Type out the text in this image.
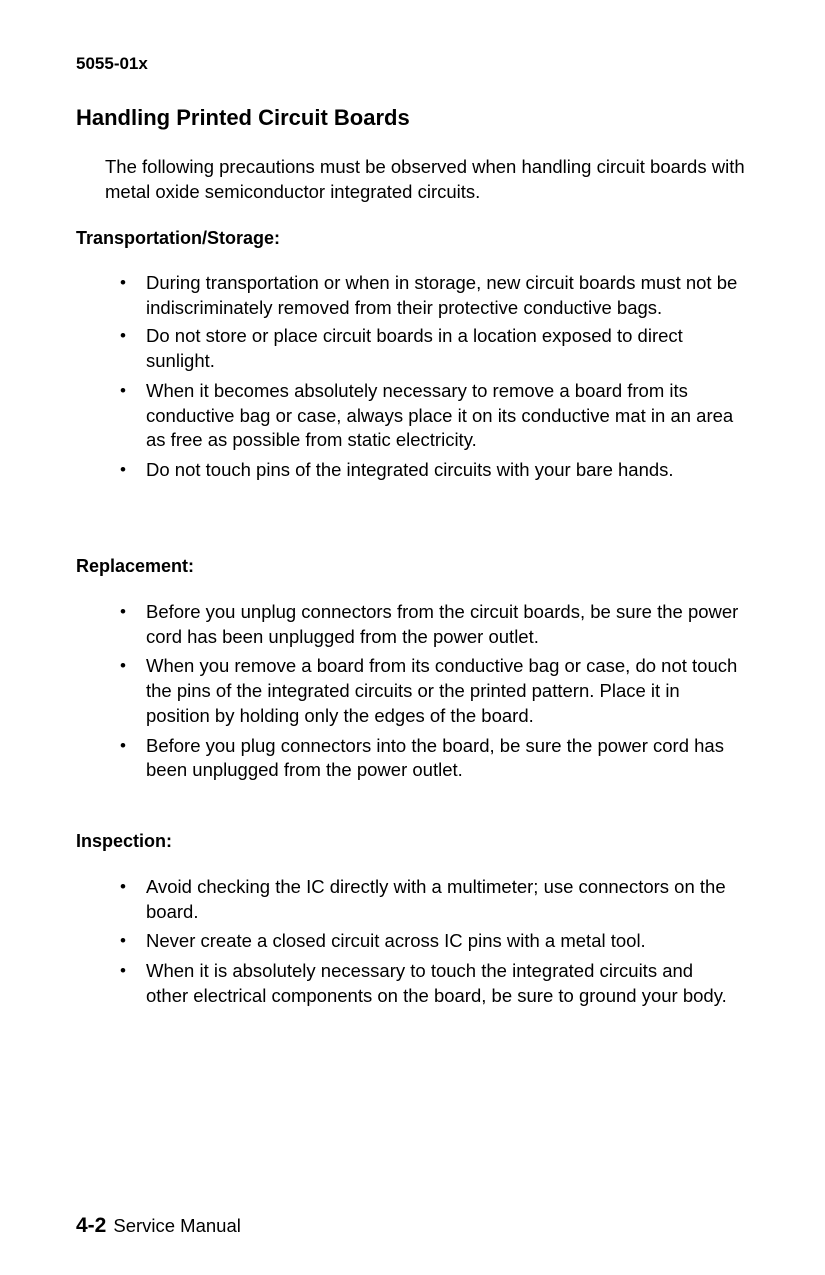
5055-01x
Handling Printed Circuit Boards

The following precautions must be observed when handling circuit boards with metal oxide semiconductor integrated circuits.

Transportation/Storage:
• During transportation or when in storage, new circuit boards must not be indiscriminately removed from their protective conductive bags.
• Do not store or place circuit boards in a location exposed to direct sunlight.
• When it becomes absolutely necessary to remove a board from its conductive bag or case, always place it on its conductive mat in an area as free as possible from static electricity.
• Do not touch pins of the integrated circuits with your bare hands.
Replacement:
• Before you unplug connectors from the circuit boards, be sure the power cord has been unplugged from the power outlet.
• When you remove a board from its conductive bag or case, do not touch the pins of the integrated circuits or the printed pattern. Place it in position by holding only the edges of the board.
• Before you plug connectors into the board, be sure the power cord has been unplugged from the power outlet.
Inspection:
• Avoid checking the IC directly with a multimeter; use connectors on the board.
• Never create a closed circuit across IC pins with a metal tool.
• When it is absolutely necessary to touch the integrated circuits and other electrical components on the board, be sure to ground your body.
4-2 Service Manual
